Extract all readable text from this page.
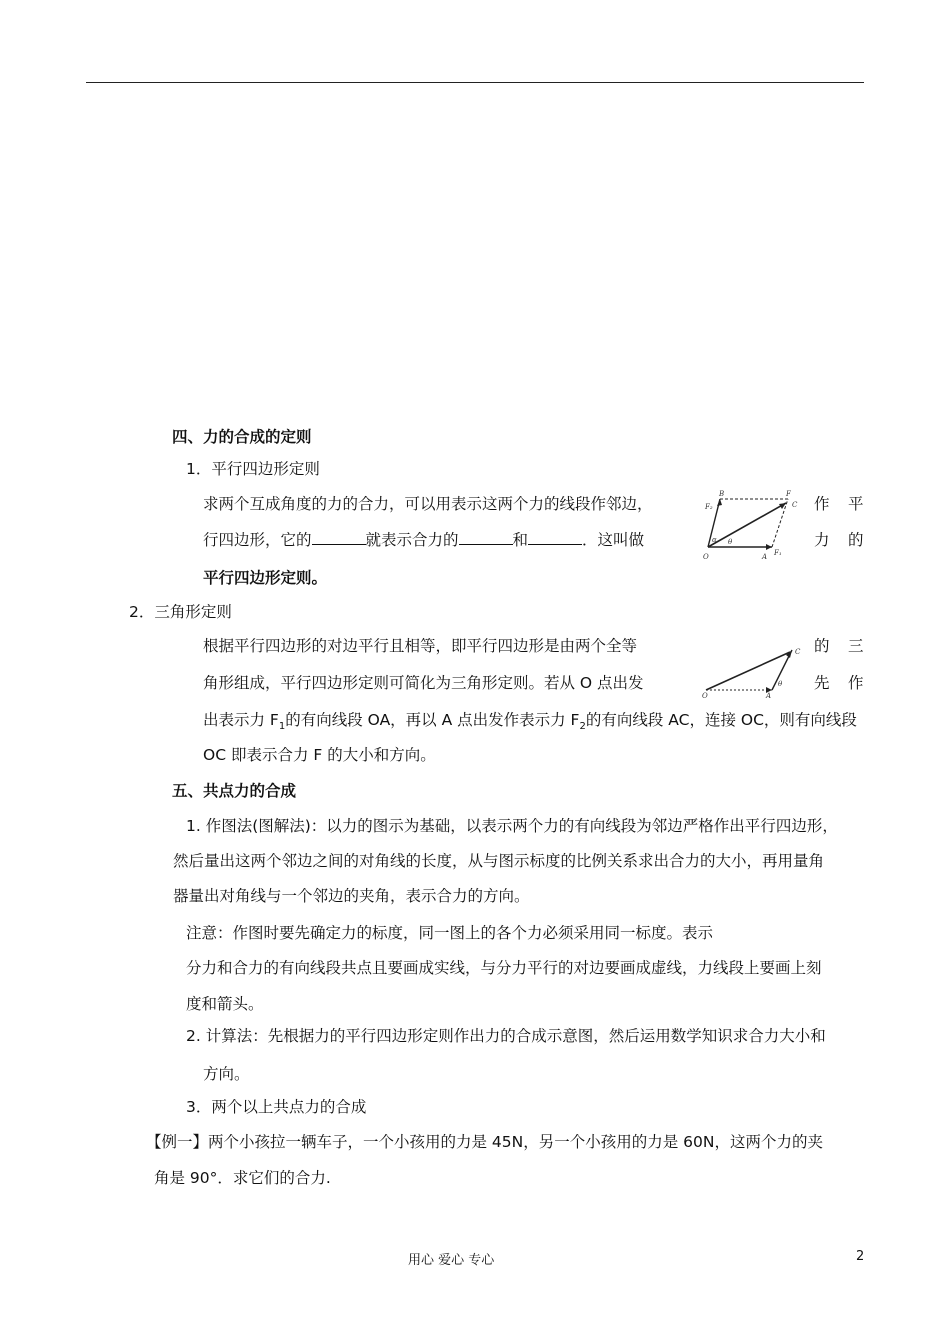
四、力的合成的定则
1．平行四边形定则
求两个互成角度的力的合力，可以用表示这两个力的线段作邻边，	作 平
行四边形，它的	就表示合力的	和	．这叫做	力 的
平行四边形定则。
B
F₂
F
C
O	A F₁
α θ
2．三角形定则
根据平行四边形的对边平行且相等，即平行四边形是由两个全等	的 三
角形组成，平行四边形定则可简化为三角形定则。若从 O 点出发	先 作
O	A
C
θ
出表示力 $F_1$的有向线段 OA，再以 A 点出发作表示力 $F_2$的有向线段 AC，连接 OC，则有向线段
OC 即表示合力 F 的大小和方向。
五、共点力的合成
1. 作图法(图解法)：以力的图示为基础，以表示两个力的有向线段为邻边严格作出平行四边形，
然后量出这两个邻边之间的对角线的长度，从与图示标度的比例关系求出合力的大小，再用量角
器量出对角线与一个邻边的夹角，表示合力的方向。
注意：作图时要先确定力的标度，同一图上的各个力必须采用同一标度。表示
分力和合力的有向线段共点且要画成实线，与分力平行的对边要画成虚线，力线段上要画上刻
度和箭头。
2. 计算法：先根据力的平行四边形定则作出力的合成示意图，然后运用数学知识求合力大小和
方向。
3．两个以上共点力的合成
【例一】两个小孩拉一辆车子，一个小孩用的力是 45N，另一个小孩用的力是 60N，这两个力的夹
角是 90°．求它们的合力.
用心 爱心 专心	2
